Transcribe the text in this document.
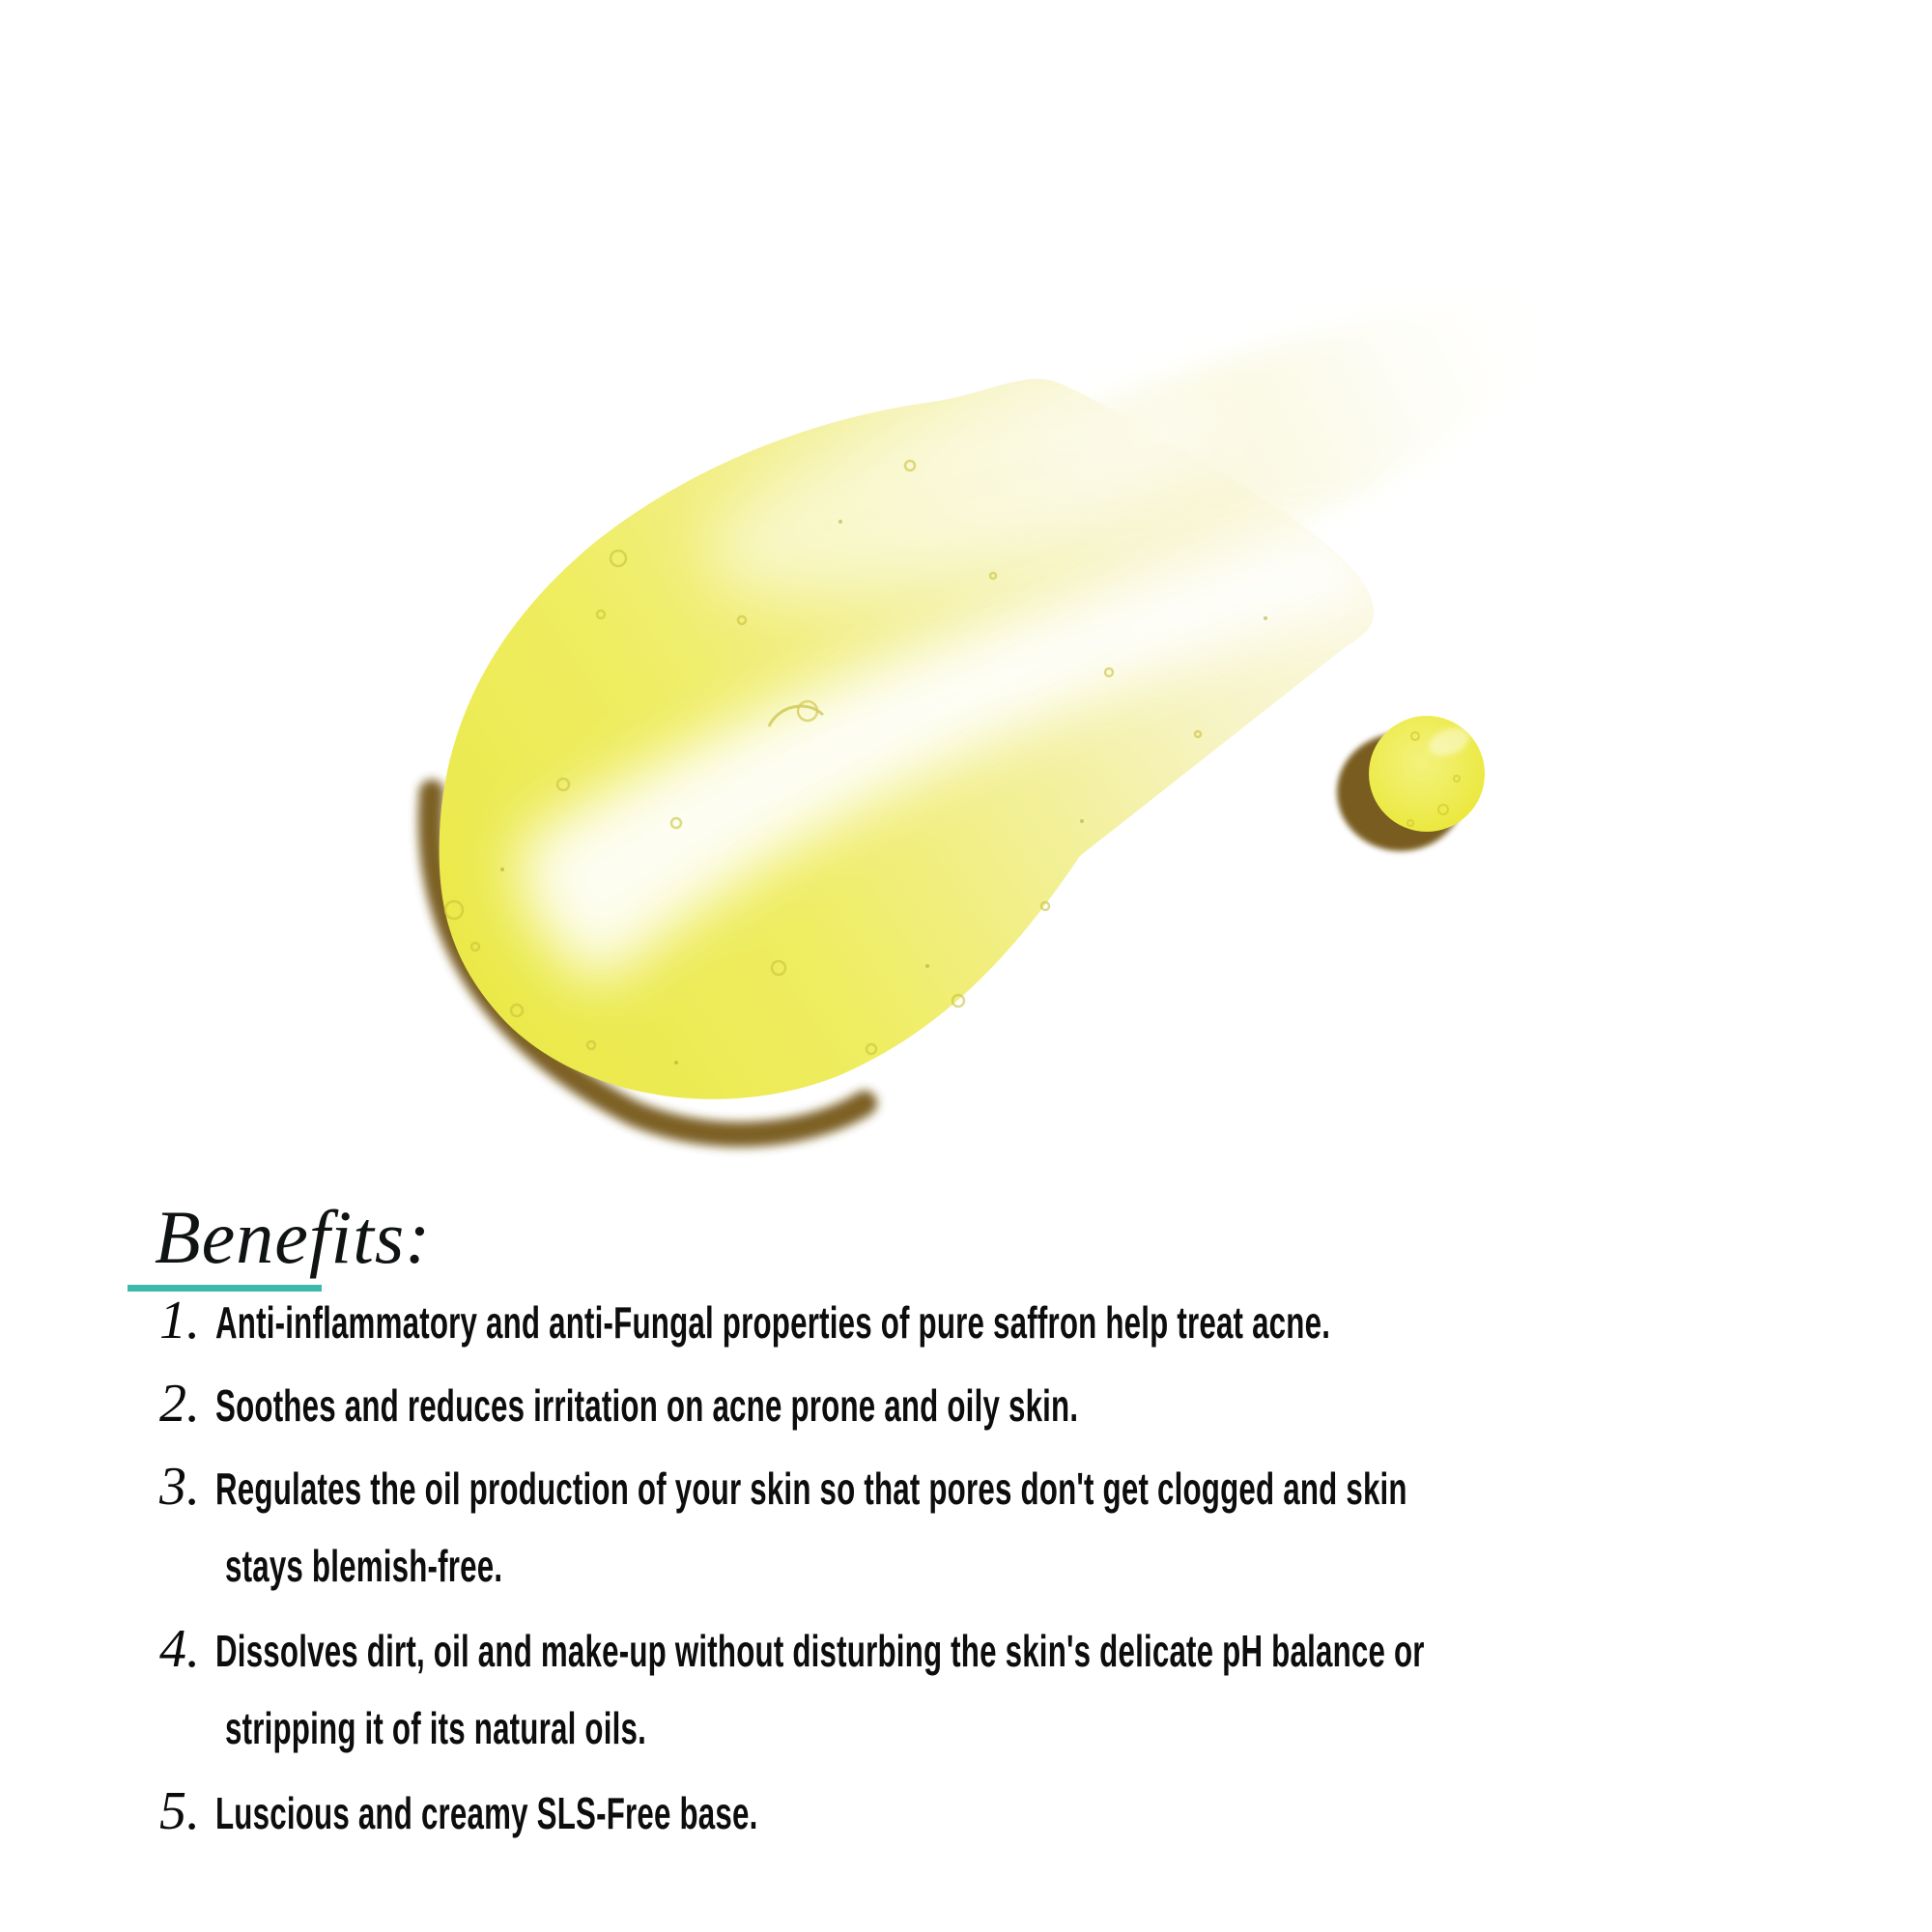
Benefits:
1. Anti-inflammatory and anti-Fungal properties of pure saffron help treat acne.
2. Soothes and reduces irritation on acne prone and oily skin.
3. Regulates the oil production of your skin so that pores don't get clogged and skin
stays blemish-free.
4. Dissolves dirt, oil and make-up without disturbing the skin's delicate pH balance or
stripping it of its natural oils.
5. Luscious and creamy SLS-Free base.
